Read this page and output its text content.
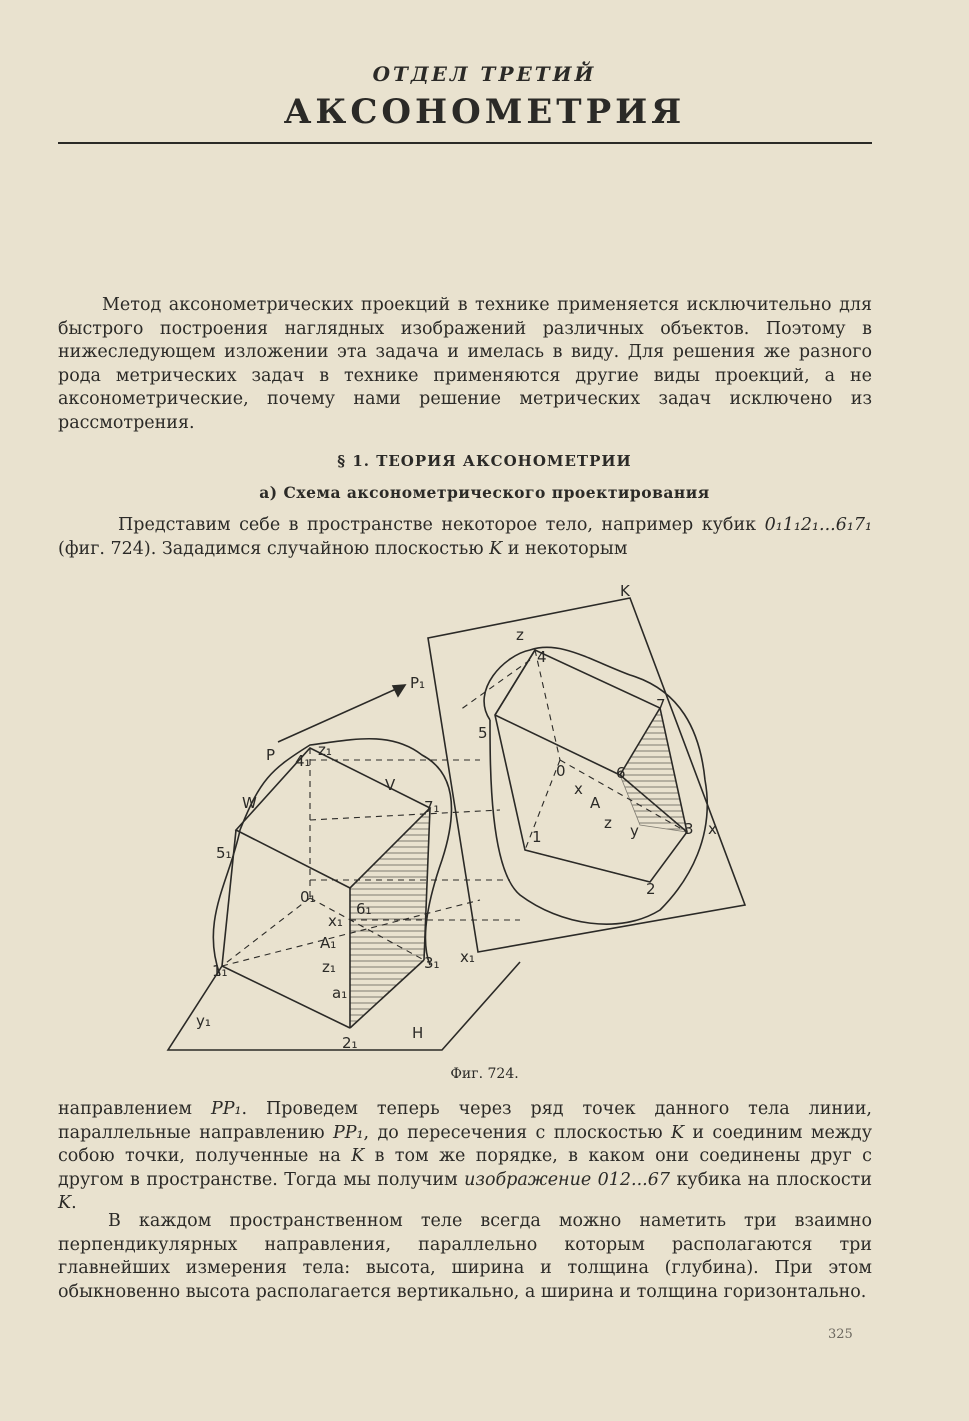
ОТДЕЛ ТРЕТИЙ
АКСОНОМЕТРИЯ

Метод аксонометрических проекций в технике применяется исключительно для быстрого построения наглядных изображений различных объектов. Поэтому в нижеследующем изложении эта задача и имелась в виду. Для решения же разного рода метрических задач в технике применяются другие виды проекций, а не аксонометрические, почему нами решение метрических задач исключено из рассмотрения.

§ 1. ТЕОРИЯ АКСОНОМЕТРИИ
а) Схема аксонометрического проектирования

Представим себе в пространстве некоторое тело, например кубик 0₁1₁2₁...6₁7₁ (фиг. 724). Зададимся случайною плоскостью K и некоторым

K
P₁
P
W
V
H
z
x
4₁
z₁
7₁
5₁
6₁
0₁
x₁
A₁
z₁
a₁
1₁	3₁ x₁
y₁
2₁
4
5
7
0	6
A
1	3
2
x
y
z
Фиг. 724.

направлением PP₁. Проведем теперь через ряд точек данного тела линии, параллельные направлению PP₁, до пересечения с плоскостью K и соединим между собою точки, полученные на K в том же порядке, в каком они соединены друг с другом в пространстве. Тогда мы получим изображение 012...67 кубика на плоскости K.

В каждом пространственном теле всегда можно наметить три взаимно перпендикулярных направления, параллельно которым располагаются три главнейших измерения тела: высота, ширина и толщина (глубина). При этом обыкновенно высота располагается вертикально, а ширина и толщина горизонтально.

325
